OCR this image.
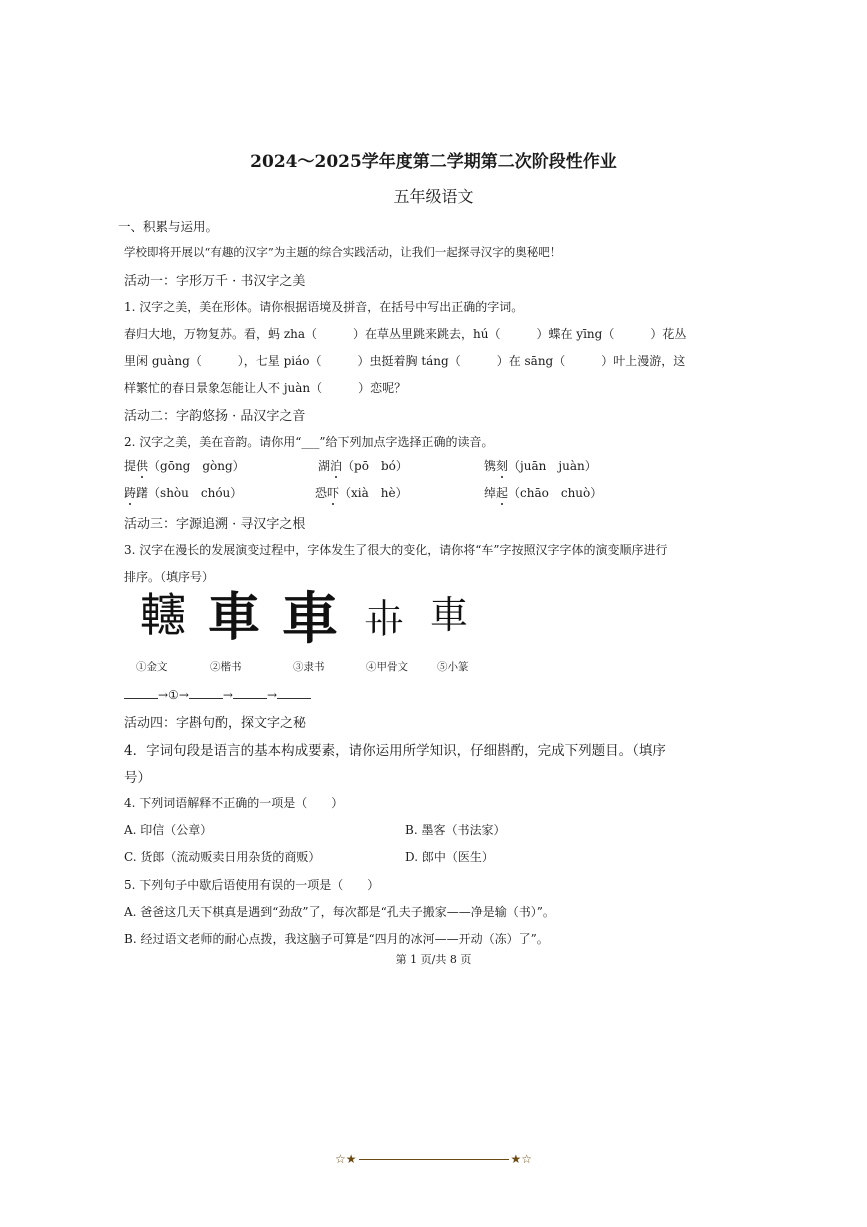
2024～2025学年度第二学期第二次阶段性作业
五年级语文
一、积累与运用。
学校即将开展以“有趣的汉字”为主题的综合实践活动，让我们一起探寻汉字的奥秘吧！
活动一：字形万千 · 书汉字之美
1. 汉字之美，美在形体。请你根据语境及拼音，在括号中写出正确的字词。
春归大地，万物复苏。看，蚂 zha（　　　）在草丛里跳来跳去，hú（　　　）蝶在 yīng（　　　）花丛
里闲 guàng（　　　），七星 piáo（　　　）虫挺着胸 táng（　　　）在 sāng（　　　）叶上漫游，这
样繁忙的春日景象怎能让人不 juàn（　　　）恋呢？
活动二：字韵悠扬 · 品汉字之音
2. 汉字之美，美在音韵。请你用“___”给下列加点字选择正确的读音。
提供（gōng　gòng）	湖泊（pō　bó）	镌刻（juān　juàn）
踌躇（shòu　chóu）	恐吓（xià　hè）	绰起（chāo　chuò）
活动三：字源追溯 · 寻汉字之根
3. 汉字在漫长的发展演变过程中，字体发生了很大的变化，请你将“车”字按照汉字字体的演变顺序进行
排序。（填序号）
𨏥 車 車 𠦃 車
①金文	②楷书	③隶书	④甲骨文	⑤小篆
→①→	→	→
活动四：字斟句酌，探文字之秘
4．字词句段是语言的基本构成要素，请你运用所学知识，仔细斟酌，完成下列题目。（填序
号）
4. 下列词语解释不正确的一项是（　　）
A. 印信（公章）	B. 墨客（书法家）
C. 货郎（流动贩卖日用杂货的商贩）	D. 郎中（医生）
5. 下列句子中歇后语使用有误的一项是（　　）
A. 爸爸这几天下棋真是遇到“劲敌”了，每次都是“孔夫子搬家——净是输（书）”。
B. 经过语文老师的耐心点拨，我这脑子可算是“四月的冰河——开动（冻）了”。
第 1 页/共 8 页
☆★	★☆
